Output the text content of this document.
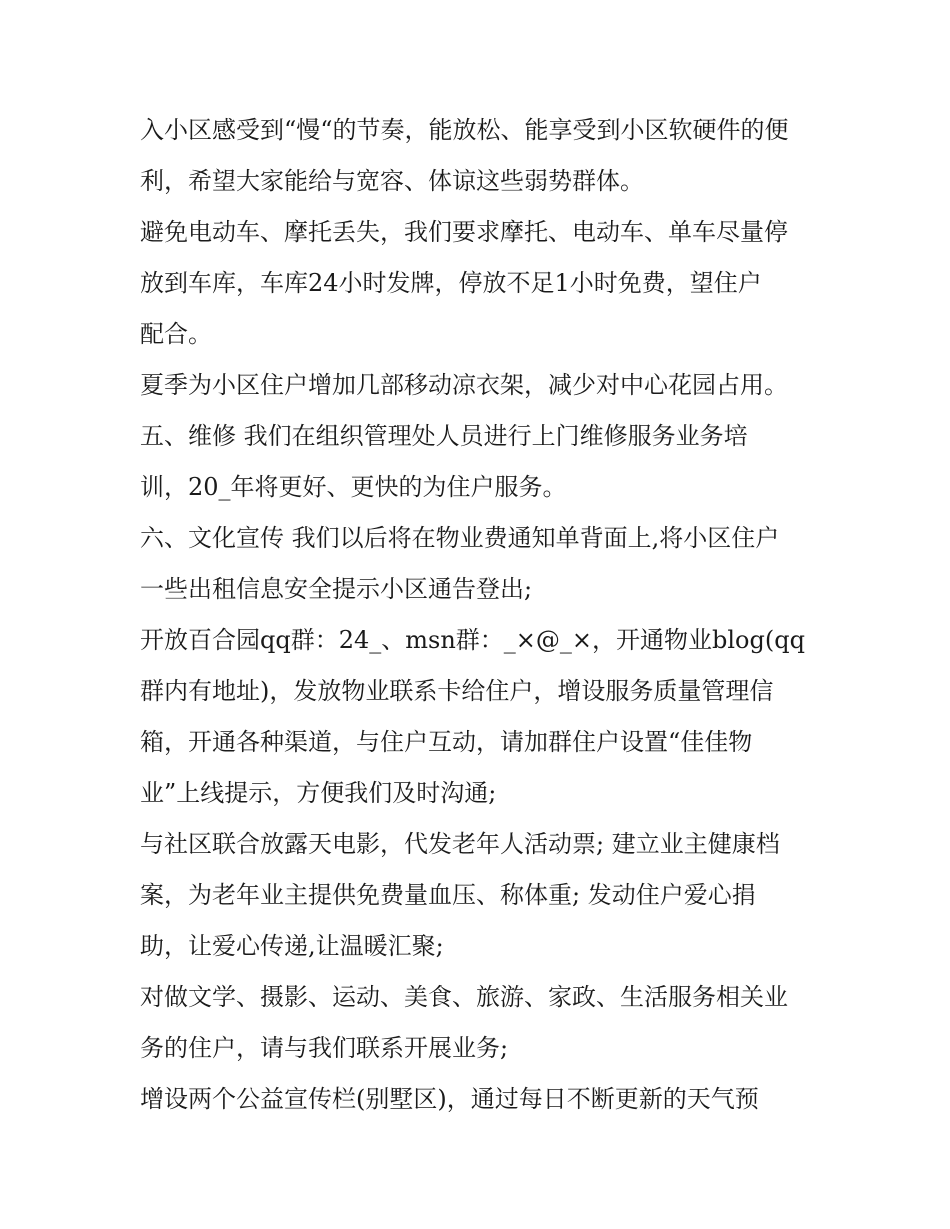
入小区感受到“慢“的节奏，能放松、能享受到小区软硬件的便
利，希望大家能给与宽容、体谅这些弱势群体。
避免电动车、摩托丢失，我们要求摩托、电动车、单车尽量停
放到车库，车库24小时发牌，停放不足1小时免费，望住户
配合。
夏季为小区住户增加几部移动凉衣架，减少对中心花园占用。
五、维修 我们在组织管理处人员进行上门维修服务业务培
训，20_年将更好、更快的为住户服务。
六、文化宣传 我们以后将在物业费通知单背面上,将小区住户
一些出租信息安全提示小区通告登出;
开放百合园qq群：24_、msn群：_×@_×，开通物业blog(qq
群内有地址)，发放物业联系卡给住户，增设服务质量管理信
箱，开通各种渠道，与住户互动，请加群住户设置“佳佳物
业”上线提示，方便我们及时沟通;
与社区联合放露天电影，代发老年人活动票; 建立业主健康档
案，为老年业主提供免费量血压、称体重; 发动住户爱心捐
助，让爱心传递,让温暖汇聚;
对做文学、摄影、运动、美食、旅游、家政、生活服务相关业
务的住户，请与我们联系开展业务;
增设两个公益宣传栏(别墅区)，通过每日不断更新的天气预
